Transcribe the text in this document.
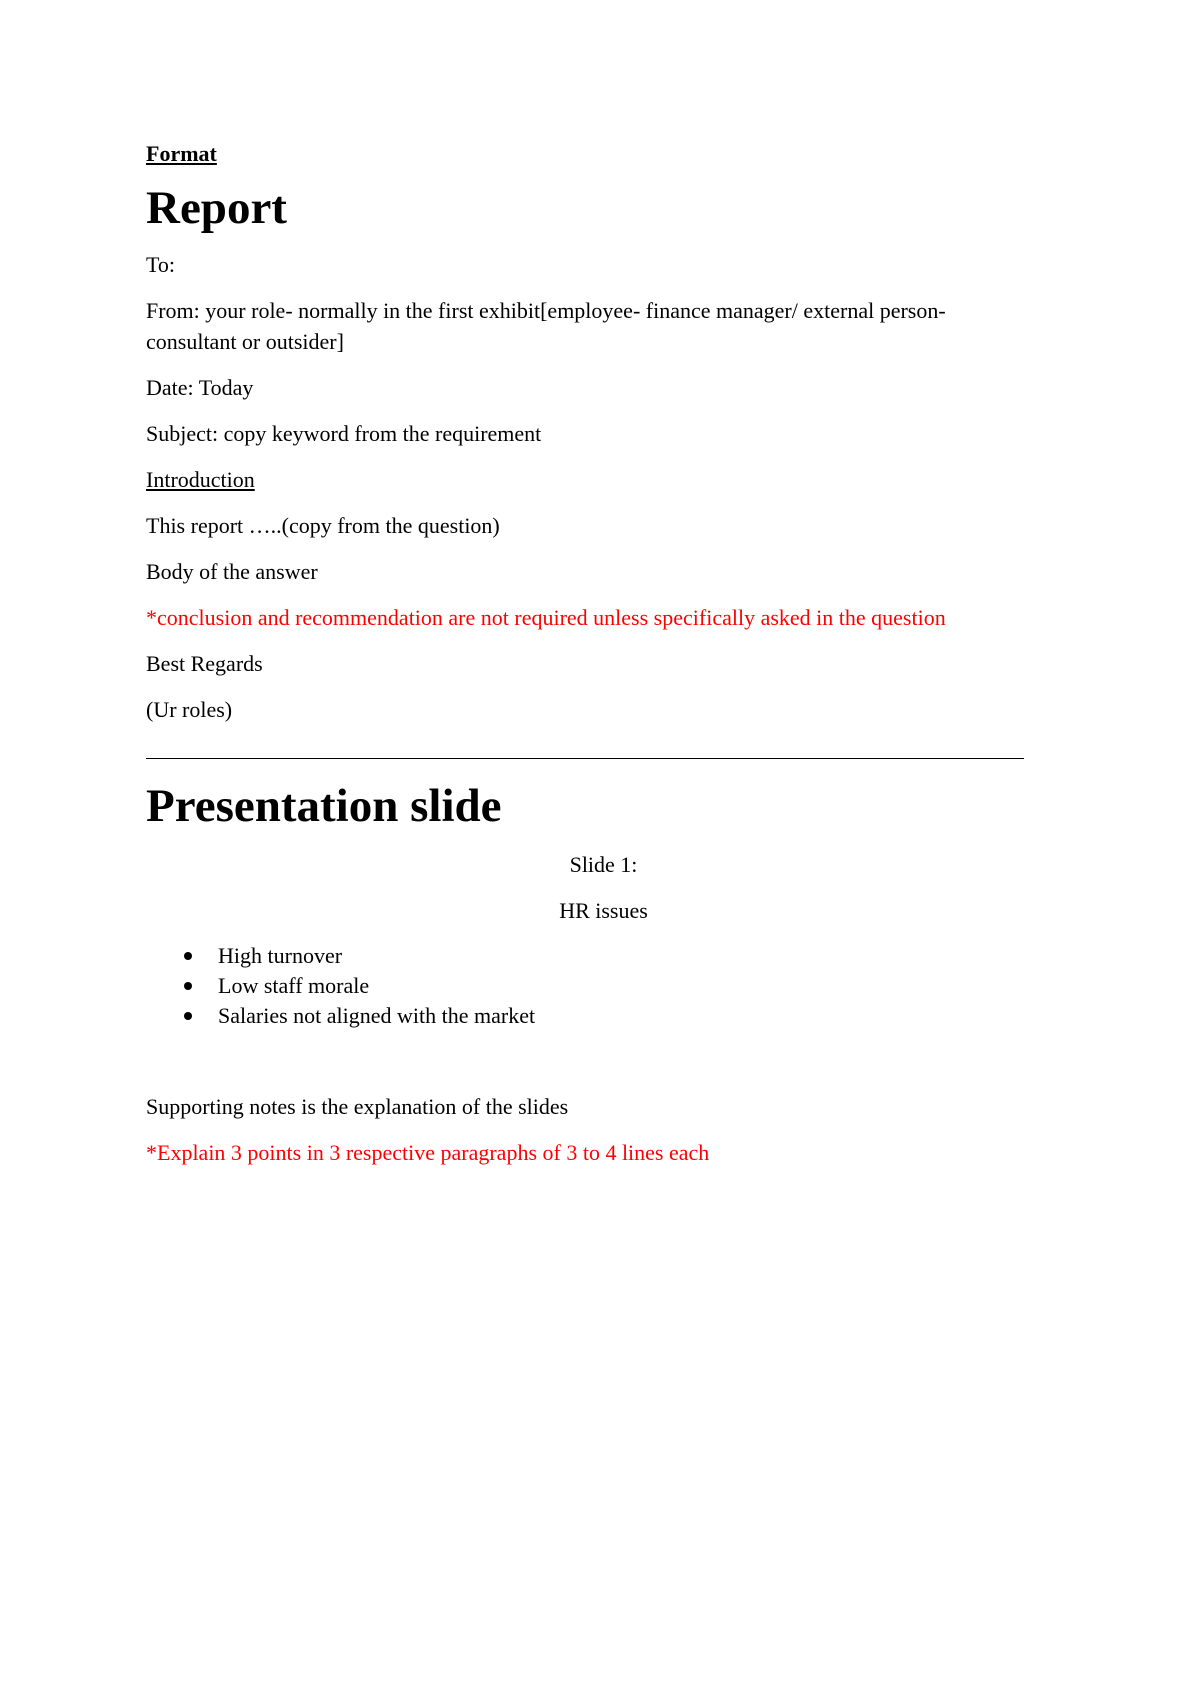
Format
Report

To:

From: your role- normally in the first exhibit[employee- finance manager/ external person- consultant or outsider]

Date: Today

Subject: copy keyword from the requirement

Introduction

This report …..(copy from the question)

Body of the answer

*conclusion and recommendation are not required unless specifically asked in the question

Best Regards

(Ur roles)

Presentation slide

Slide 1:

HR issues

High turnover
Low staff morale
Salaries not aligned with the market

Supporting notes is the explanation of the slides

*Explain 3 points in 3 respective paragraphs of 3 to 4 lines each
